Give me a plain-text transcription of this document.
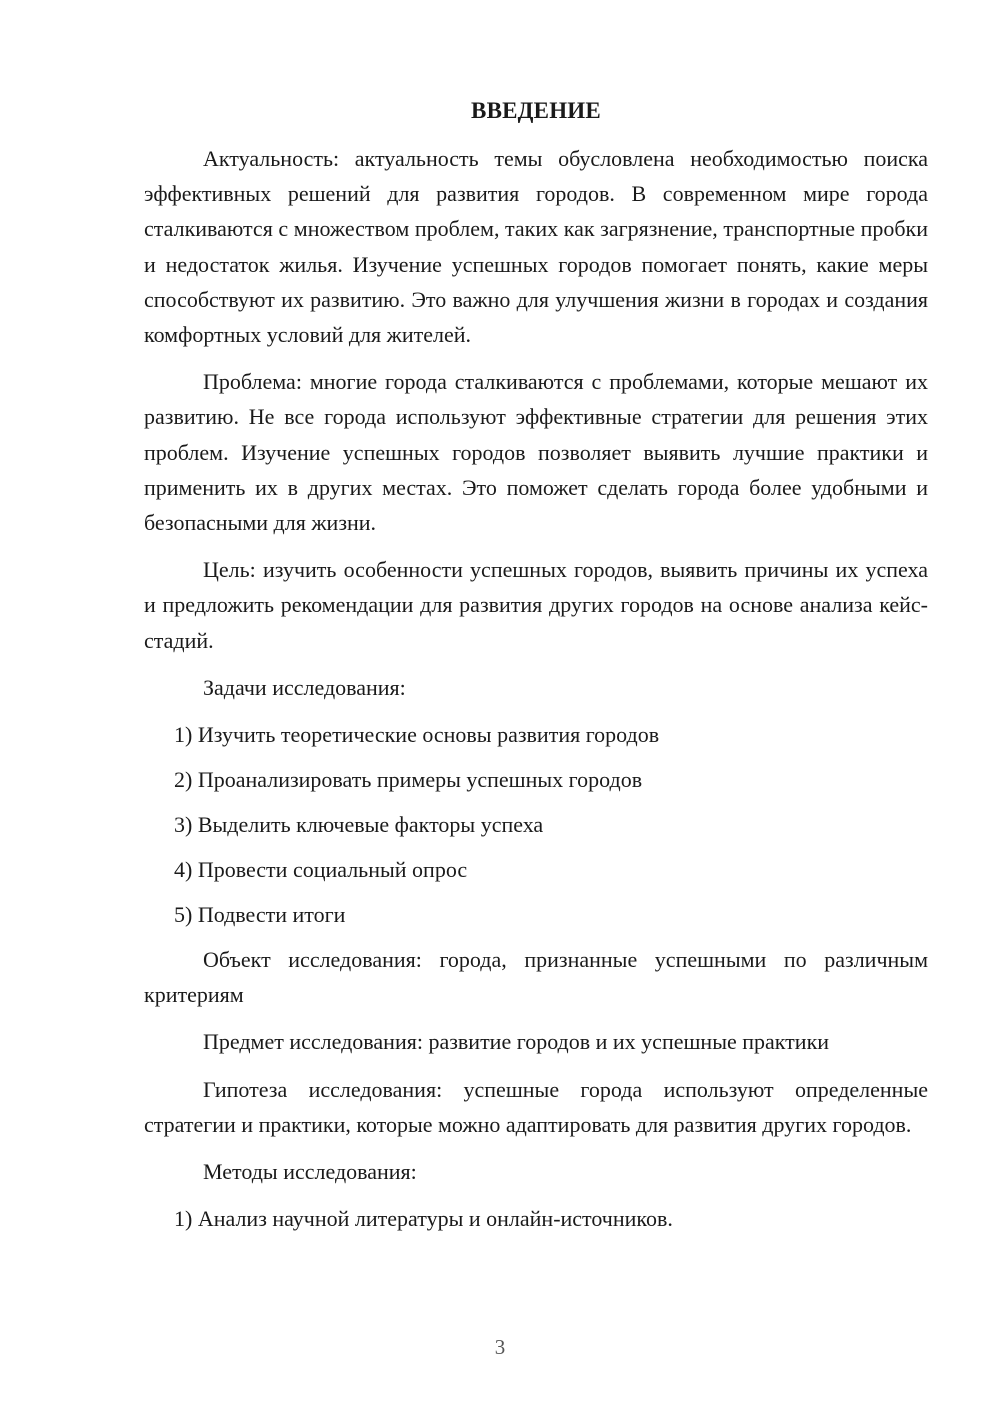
ВВЕДЕНИЕ

Актуальность: актуальность темы обусловлена необходимостью поиска эффективных решений для развития городов. В современном мире города сталкиваются с множеством проблем, таких как загрязнение, транспортные пробки и недостаток жилья. Изучение успешных городов помогает понять, какие меры способствуют их развитию. Это важно для улучшения жизни в городах и создания комфортных условий для жителей.

Проблема: многие города сталкиваются с проблемами, которые мешают их развитию. Не все города используют эффективные стратегии для решения этих проблем. Изучение успешных городов позволяет выявить лучшие практики и применить их в других местах. Это поможет сделать города более удобными и безопасными для жизни.

Цель: изучить особенности успешных городов, выявить причины их успеха и предложить рекомендации для развития других городов на основе анализа кейс-стадий.

Задачи исследования:

1) Изучить теоретические основы развития городов
2) Проанализировать примеры успешных городов
3) Выделить ключевые факторы успеха
4) Провести социальный опрос
5) Подвести итоги

Объект исследования: города, признанные успешными по различным критериям

Предмет исследования: развитие городов и их успешные практики

Гипотеза исследования: успешные города используют определенные стратегии и практики, которые можно адаптировать для развития других городов.

Методы исследования:

1) Анализ научной литературы и онлайн-источников.
3
